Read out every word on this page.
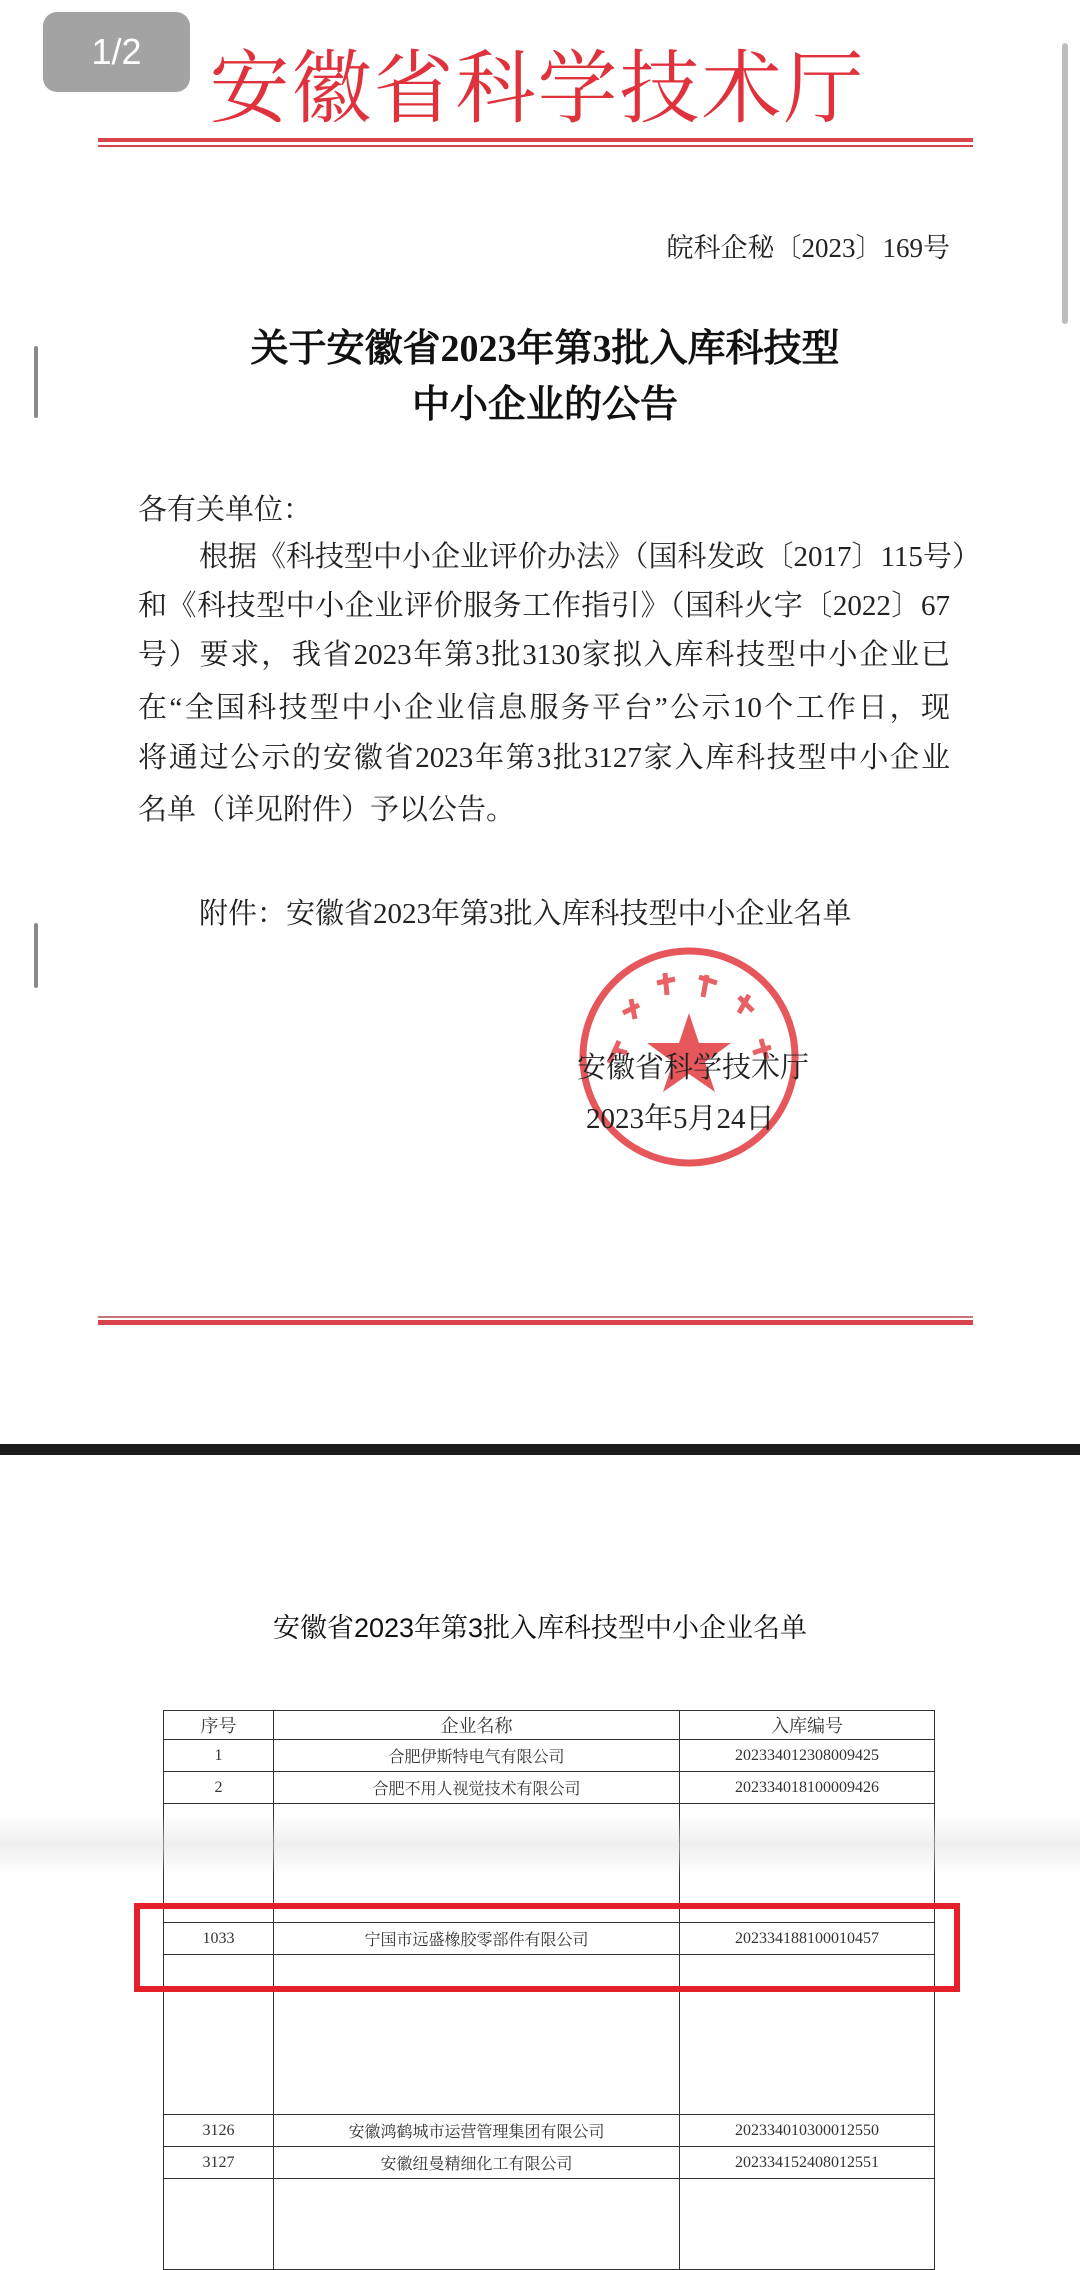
1/2 安徽省科学技术厅
皖科企秘〔2023〕169号
关于安徽省2023年第3批入库科技型
中小企业的公告
各有关单位：
根据《科技型中小企业评价办法》（国科发政〔2017〕115号）
和《科技型中小企业评价服务工作指引》（国科火字〔2022〕67
号）要求，我省2023年第3批3130家拟入库科技型中小企业已
在“全国科技型中小企业信息服务平台”公示10个工作日，现
将通过公示的安徽省2023年第3批3127家入库科技型中小企业
名单（详见附件）予以公告。
附件：安徽省2023年第3批入库科技型中小企业名单
安徽省科学技术厅
2023年5月24日
安徽省2023年第3批入库科技型中小企业名单
序号	企业名称	入库编号
1	合肥伊斯特电气有限公司	202334012308009425
2	合肥不用人视觉技术有限公司	202334018100009426

1033	宁国市远盛橡胶零部件有限公司	202334188100010457

3126	安徽鸿鹤城市运营管理集团有限公司	202334010300012550
3127	安徽纽曼精细化工有限公司	202334152408012551
